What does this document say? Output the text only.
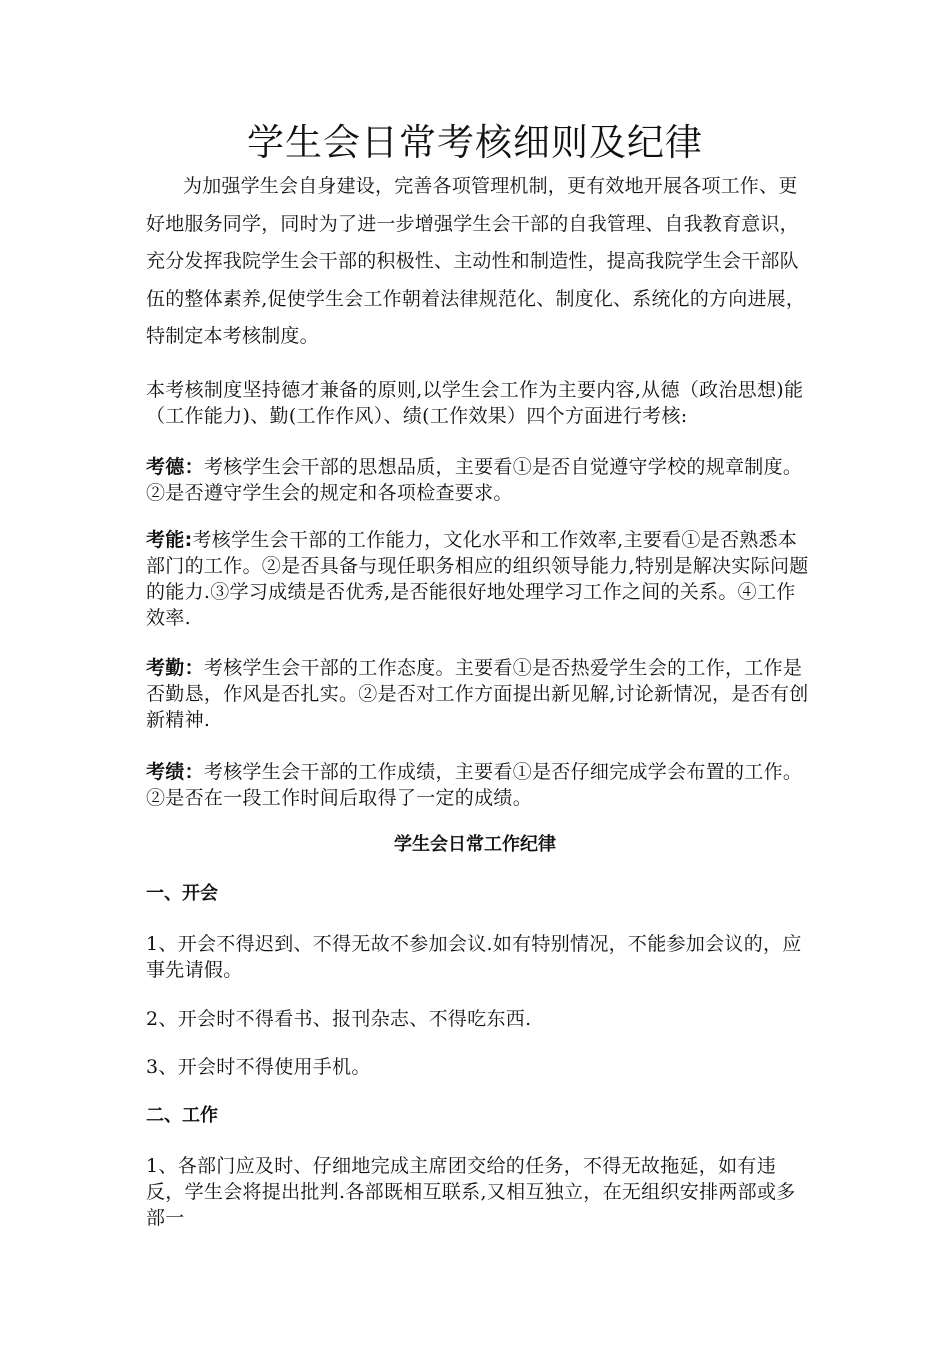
学生会日常考核细则及纪律
为加强学生会自身建设，完善各项管理机制，更有效地开展各项工作、更好地服务同学，同时为了进一步增强学生会干部的自我管理、自我教育意识，充分发挥我院学生会干部的积极性、主动性和制造性，提高我院学生会干部队伍的整体素养,促使学生会工作朝着法律规范化、制度化、系统化的方向进展，特制定本考核制度。
本考核制度坚持德才兼备的原则,以学生会工作为主要内容,从德（政治思想)能（工作能力)、勤(工作作风）、绩(工作效果）四个方面进行考核:
考德：考核学生会干部的思想品质，主要看①是否自觉遵守学校的规章制度。②是否遵守学生会的规定和各项检查要求。
考能:考核学生会干部的工作能力，文化水平和工作效率,主要看①是否熟悉本部门的工作。②是否具备与现任职务相应的组织领导能力,特别是解决实际问题的能力.③学习成绩是否优秀,是否能很好地处理学习工作之间的关系。④工作效率.
考勤：考核学生会干部的工作态度。主要看①是否热爱学生会的工作，工作是否勤恳，作风是否扎实。②是否对工作方面提出新见解,讨论新情况，是否有创新精神.
考绩：考核学生会干部的工作成绩，主要看①是否仔细完成学会布置的工作。②是否在一段工作时间后取得了一定的成绩。
学生会日常工作纪律
一、开会
1、开会不得迟到、不得无故不参加会议.如有特别情况，不能参加会议的，应事先请假。
2、开会时不得看书、报刊杂志、不得吃东西.
3、开会时不得使用手机。
二、工作
1、各部门应及时、仔细地完成主席团交给的任务，不得无故拖延，如有违反，学生会将提出批判.各部既相互联系,又相互独立，在无组织安排两部或多部一
